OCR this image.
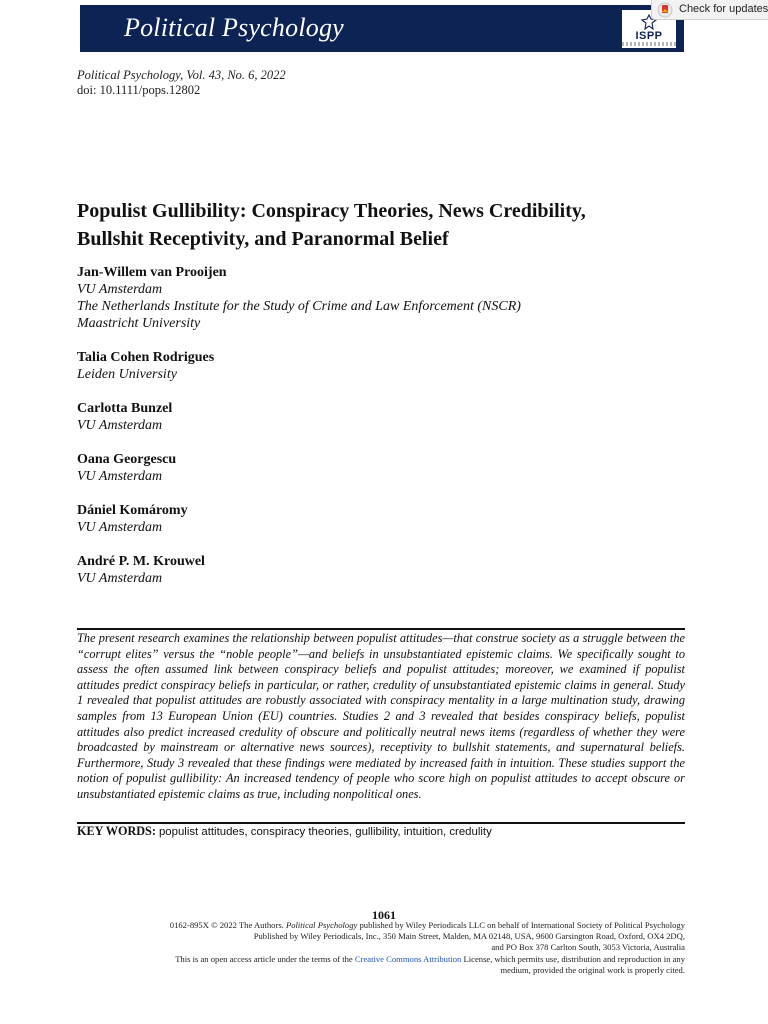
Political Psychology	ISPP
Check for updates
Political Psychology, Vol. 43, No. 6, 2022
doi: 10.1111/pops.12802
Populist Gullibility: Conspiracy Theories, News Credibility,
Bullshit Receptivity, and Paranormal Belief
Jan-Willem van Prooijen
VU Amsterdam
The Netherlands Institute for the Study of Crime and Law Enforcement (NSCR)
Maastricht University
Talia Cohen Rodrigues
Leiden University
Carlotta Bunzel
VU Amsterdam
Oana Georgescu
VU Amsterdam
Dániel Komáromy
VU Amsterdam
André P. M. Krouwel
VU Amsterdam

The present research examines the relationship between populist attitudes—that construe society as a struggle between the “corrupt elites” versus the “noble people”—and beliefs in unsubstantiated epistemic claims. We specifically sought to assess the often assumed link between conspiracy beliefs and populist attitudes; moreover, we examined if populist attitudes predict conspiracy beliefs in particular, or rather, credulity of unsubstantiated epistemic claims in general. Study 1 revealed that populist attitudes are robustly associated with conspiracy mentality in a large multination study, drawing samples from 13 European Union (EU) countries. Studies 2 and 3 revealed that besides conspiracy beliefs, populist attitudes also predict increased credulity of obscure and politically neutral news items (regardless of whether they were broadcasted by mainstream or alternative news sources), receptivity to bullshit statements, and supernatural beliefs. Furthermore, Study 3 revealed that these findings were mediated by increased faith in intuition. These studies support the notion of populist gullibility: An increased tendency of people who score high on populist attitudes to accept obscure or unsubstantiated epistemic claims as true, including nonpolitical ones.

KEY WORDS: populist attitudes, conspiracy theories, gullibility, intuition, credulity
1061
0162-895X © 2022 The Authors. Political Psychology published by Wiley Periodicals LLC on behalf of International Society of Political Psychology
Published by Wiley Periodicals, Inc., 350 Main Street, Malden, MA 02148, USA, 9600 Garsington Road, Oxford, OX4 2DQ,
and PO Box 378 Carlton South, 3053 Victoria, Australia
This is an open access article under the terms of the Creative Commons Attribution License, which permits use, distribution and reproduction in any
medium, provided the original work is properly cited.
